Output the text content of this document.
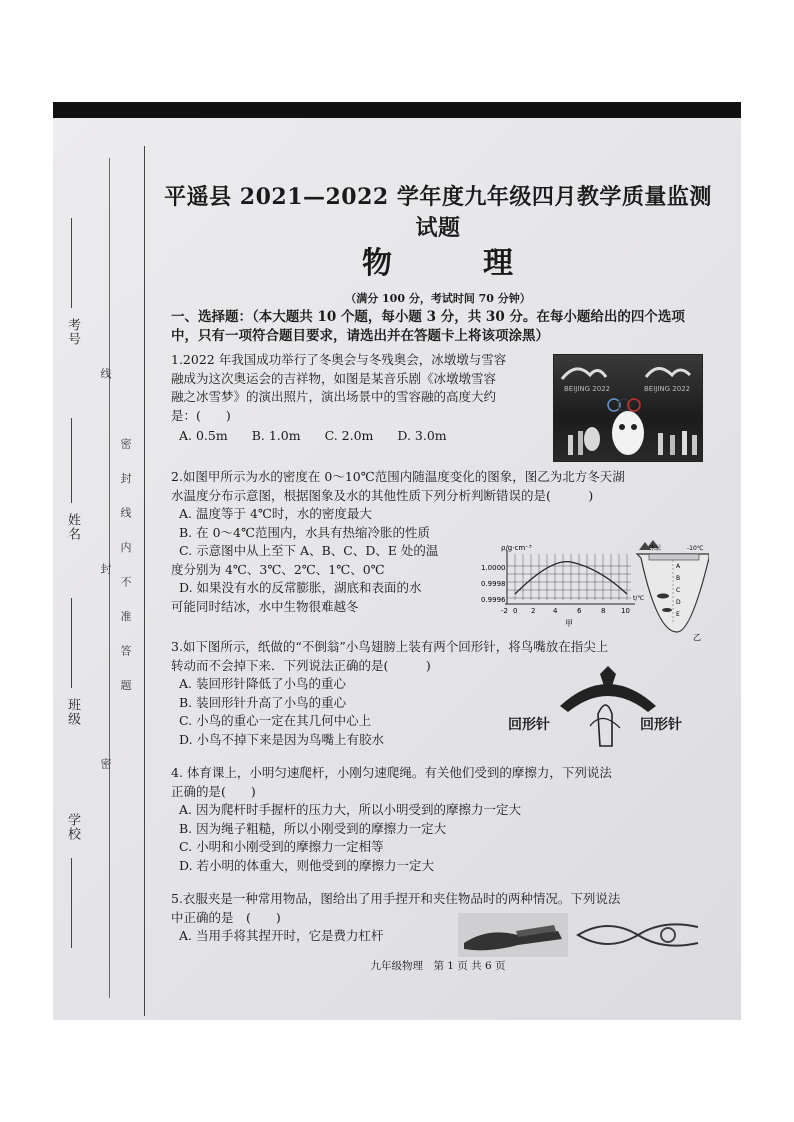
考号
姓名
班级
学校
线
封
密
密 封 线 内 不 准 答 题
平遥县 2021—2022 学年度九年级四月教学质量监测试题
物	理
（满分 100 分，考试时间 70 分钟）
一、选择题：（本大题共 10 个题，每小题 3 分，共 30 分。在每小题给出的四个选项中，只有一项符合题目要求，请选出并在答题卡上将该项涂黑）

1.2022 年我国成功举行了冬奥会与冬残奥会，冰墩墩与雪容

融成为这次奥运会的吉祥物，如图是某音乐剧《冰墩墩雪容

融之冰雪梦》的演出照片，演出场景中的雪容融的高度大约

是：(　　)

A. 0.5m B. 1.0m C. 2.0m D. 3.0m

BEIJING 2022	BEIJING 2022

2.如图甲所示为水的密度在 0～10℃范围内随温度变化的图象，图乙为北方冬天湖

水温度分布示意图，根据图象及水的其他性质下列分析判断错误的是(　　　)

A. 温度等于 4℃时，水的密度最大

B. 在 0～4℃范围内，水具有热缩冷胀的性质

C. 示意图中从上至下 A、B、C、D、E 处的温

度分别为 4℃、3℃、2℃、1℃、0℃

D. 如果没有水的反常膨胀，湖底和表面的水

可能同时结冰，水中生物很难越冬

ρ/g·cm⁻³
1.0000
0.9998
0.9996
-2 0 2	4	6	8 10
t/℃
甲
冰层	-10℃
A
B
C
D
E
乙

3.如下图所示，纸做的“不倒翁”小鸟翅膀上装有两个回形针，将鸟嘴放在指尖上

转动而不会掉下来．下列说法正确的是(　　　)

A. 装回形针降低了小鸟的重心

B. 装回形针升高了小鸟的重心

C. 小鸟的重心一定在其几何中心上

D. 小鸟不掉下来是因为鸟嘴上有胶水

回形针	回形针

4. 体育课上，小明匀速爬杆，小刚匀速爬绳。有关他们受到的摩擦力，下列说法

正确的是(　　)

A. 因为爬杆时手握杆的压力大，所以小明受到的摩擦力一定大

B. 因为绳子粗糙，所以小刚受到的摩擦力一定大

C. 小明和小刚受到的摩擦力一定相等

D. 若小明的体重大，则他受到的摩擦力一定大

5.衣服夹是一种常用物品，图给出了用手捏开和夹住物品时的两种情况。下列说法

中正确的是　(　　)

A. 当用手将其捏开时，它是费力杠杆

九年级物理　第 1 页 共 6 页
